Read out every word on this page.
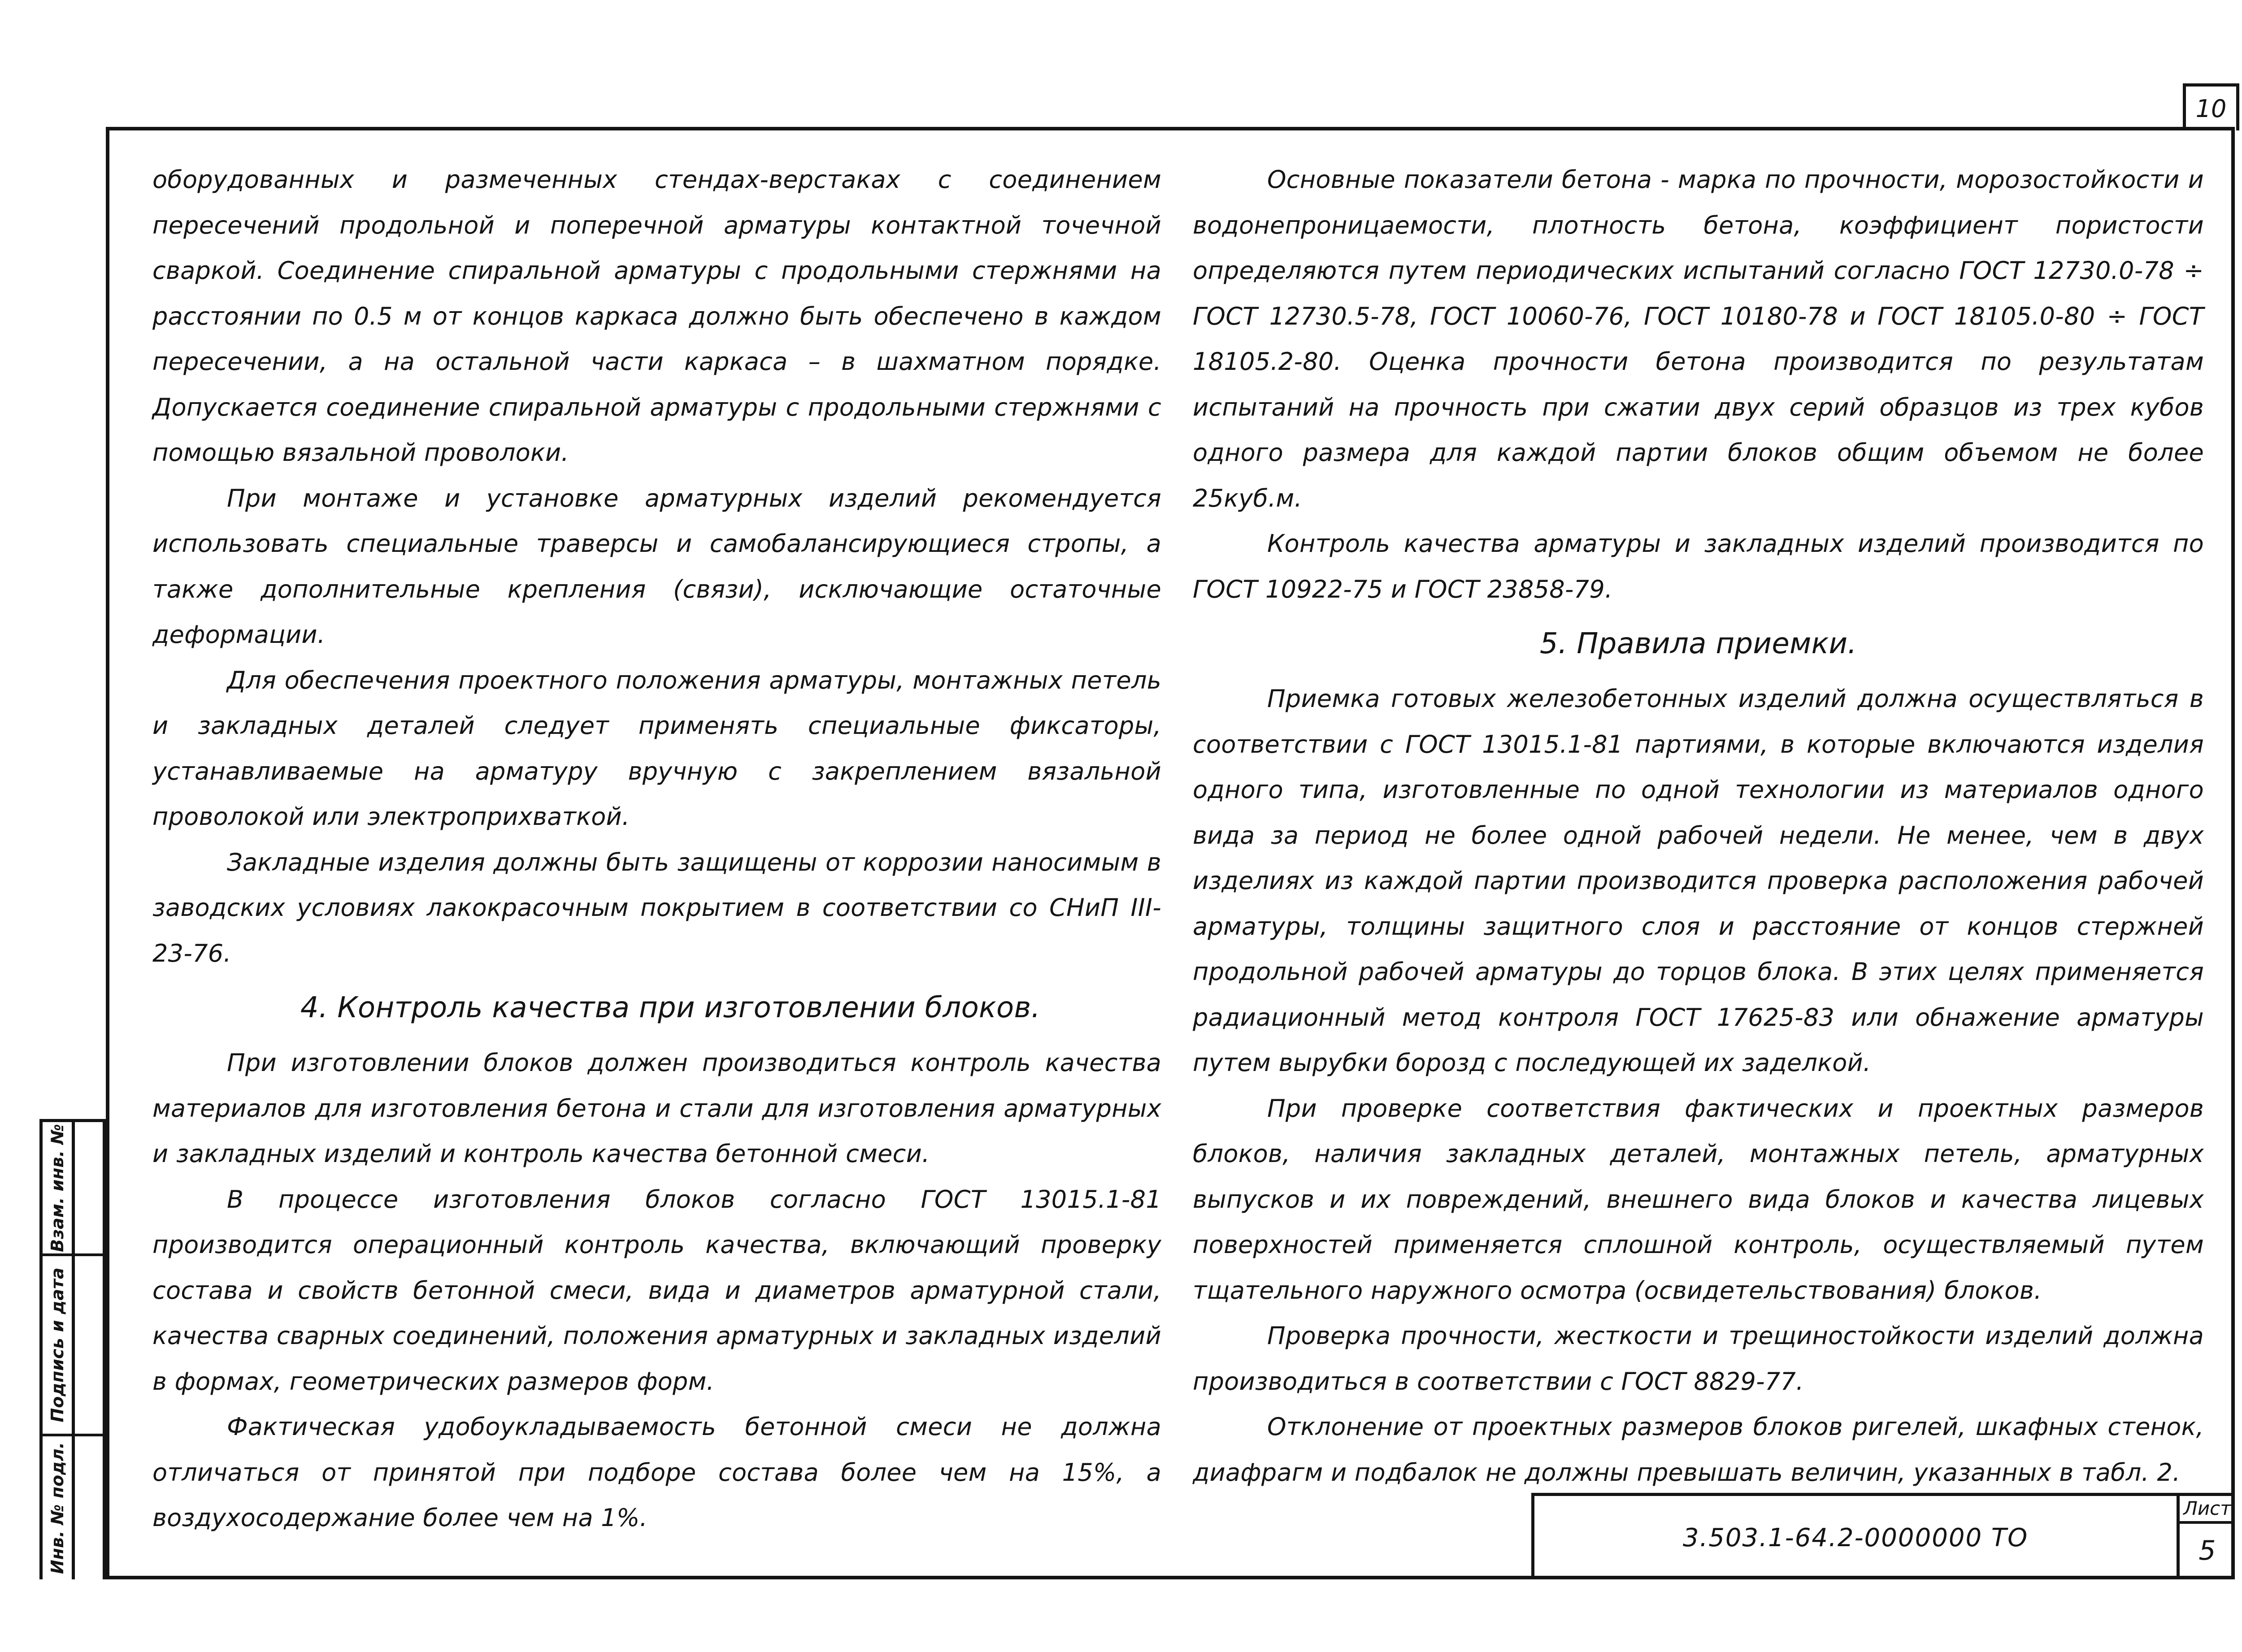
10

оборудованных и размеченных стендах-верстаках с соединением пересечений продольной и поперечной арматуры контактной точечной сваркой. Соединение спиральной арматуры с продольными стержнями на расстоянии по 0.5 м от концов каркаса должно быть обеспечено в каждом пересечении, а на остальной части каркаса – в шахматном порядке. Допускается соединение спиральной арматуры с продольными стержнями с помощью вязальной проволоки.

При монтаже и установке арматурных изделий рекомендуется использовать специальные траверсы и самобалансирующиеся стропы, а также дополнительные крепления (связи), исключающие остаточные деформации.

Для обеспечения проектного положения арматуры, монтажных петель и закладных деталей следует применять специальные фиксаторы, устанавливаемые на арматуру вручную с закреплением вязальной проволокой или электроприхваткой.

Закладные изделия должны быть защищены от коррозии наносимым в заводских условиях лакокрасочным покрытием в соответствии со СНиП III-23-76.

4. Контроль качества при изготовлении блоков.

При изготовлении блоков должен производиться контроль качества материалов для изготовления бетона и стали для изготовления арматурных и закладных изделий и контроль качества бетонной смеси.

В процессе изготовления блоков согласно ГОСТ 13015.1-81 производится операционный контроль качества, включающий проверку состава и свойств бетонной смеси, вида и диаметров арматурной стали, качества сварных соединений, положения арматурных и закладных изделий в формах, геометрических размеров форм.

Фактическая удобоукладываемость бетонной смеси не должна отличаться от принятой при подборе состава более чем на 15%, а воздухосодержание более чем на 1%.

Основные показатели бетона - марка по прочности, морозостойкости и водонепроницаемости, плотность бетона, коэффициент пористости определяются путем периодических испытаний согласно ГОСТ 12730.0-78 ÷ ГОСТ 12730.5-78, ГОСТ 10060-76, ГОСТ 10180-78 и ГОСТ 18105.0-80 ÷ ГОСТ 18105.2-80. Оценка прочности бетона производится по результатам испытаний на прочность при сжатии двух серий образцов из трех кубов одного размера для каждой партии блоков общим объемом не более 25куб.м.

Контроль качества арматуры и закладных изделий производится по ГОСТ 10922-75 и ГОСТ 23858-79.

5. Правила приемки.

Приемка готовых железобетонных изделий должна осуществляться в соответствии с ГОСТ 13015.1-81 партиями, в которые включаются изделия одного типа, изготовленные по одной технологии из материалов одного вида за период не более одной рабочей недели. Не менее, чем в двух изделиях из каждой партии производится проверка расположения рабочей арматуры, толщины защитного слоя и расстояние от концов стержней продольной рабочей арматуры до торцов блока. В этих целях применяется радиационный метод контроля ГОСТ 17625-83 или обнажение арматуры путем вырубки борозд с последующей их заделкой.

При проверке соответствия фактических и проектных размеров блоков, наличия закладных деталей, монтажных петель, арматурных выпусков и их повреждений, внешнего вида блоков и качества лицевых поверхностей применяется сплошной контроль, осуществляемый путем тщательного наружного осмотра (освидетельствования) блоков.

Проверка прочности, жесткости и трещиностойкости изделий должна производиться в соответствии с ГОСТ 8829-77.

Отклонение от проектных размеров блоков ригелей, шкафных стенок, диафрагм и подбалок не должны превышать величин, указанных в табл. 2.

3.503.1-64.2-0000000 ТО
Лист
5
Взам. инв. №
Подпись и дата
Инв. № подл.
